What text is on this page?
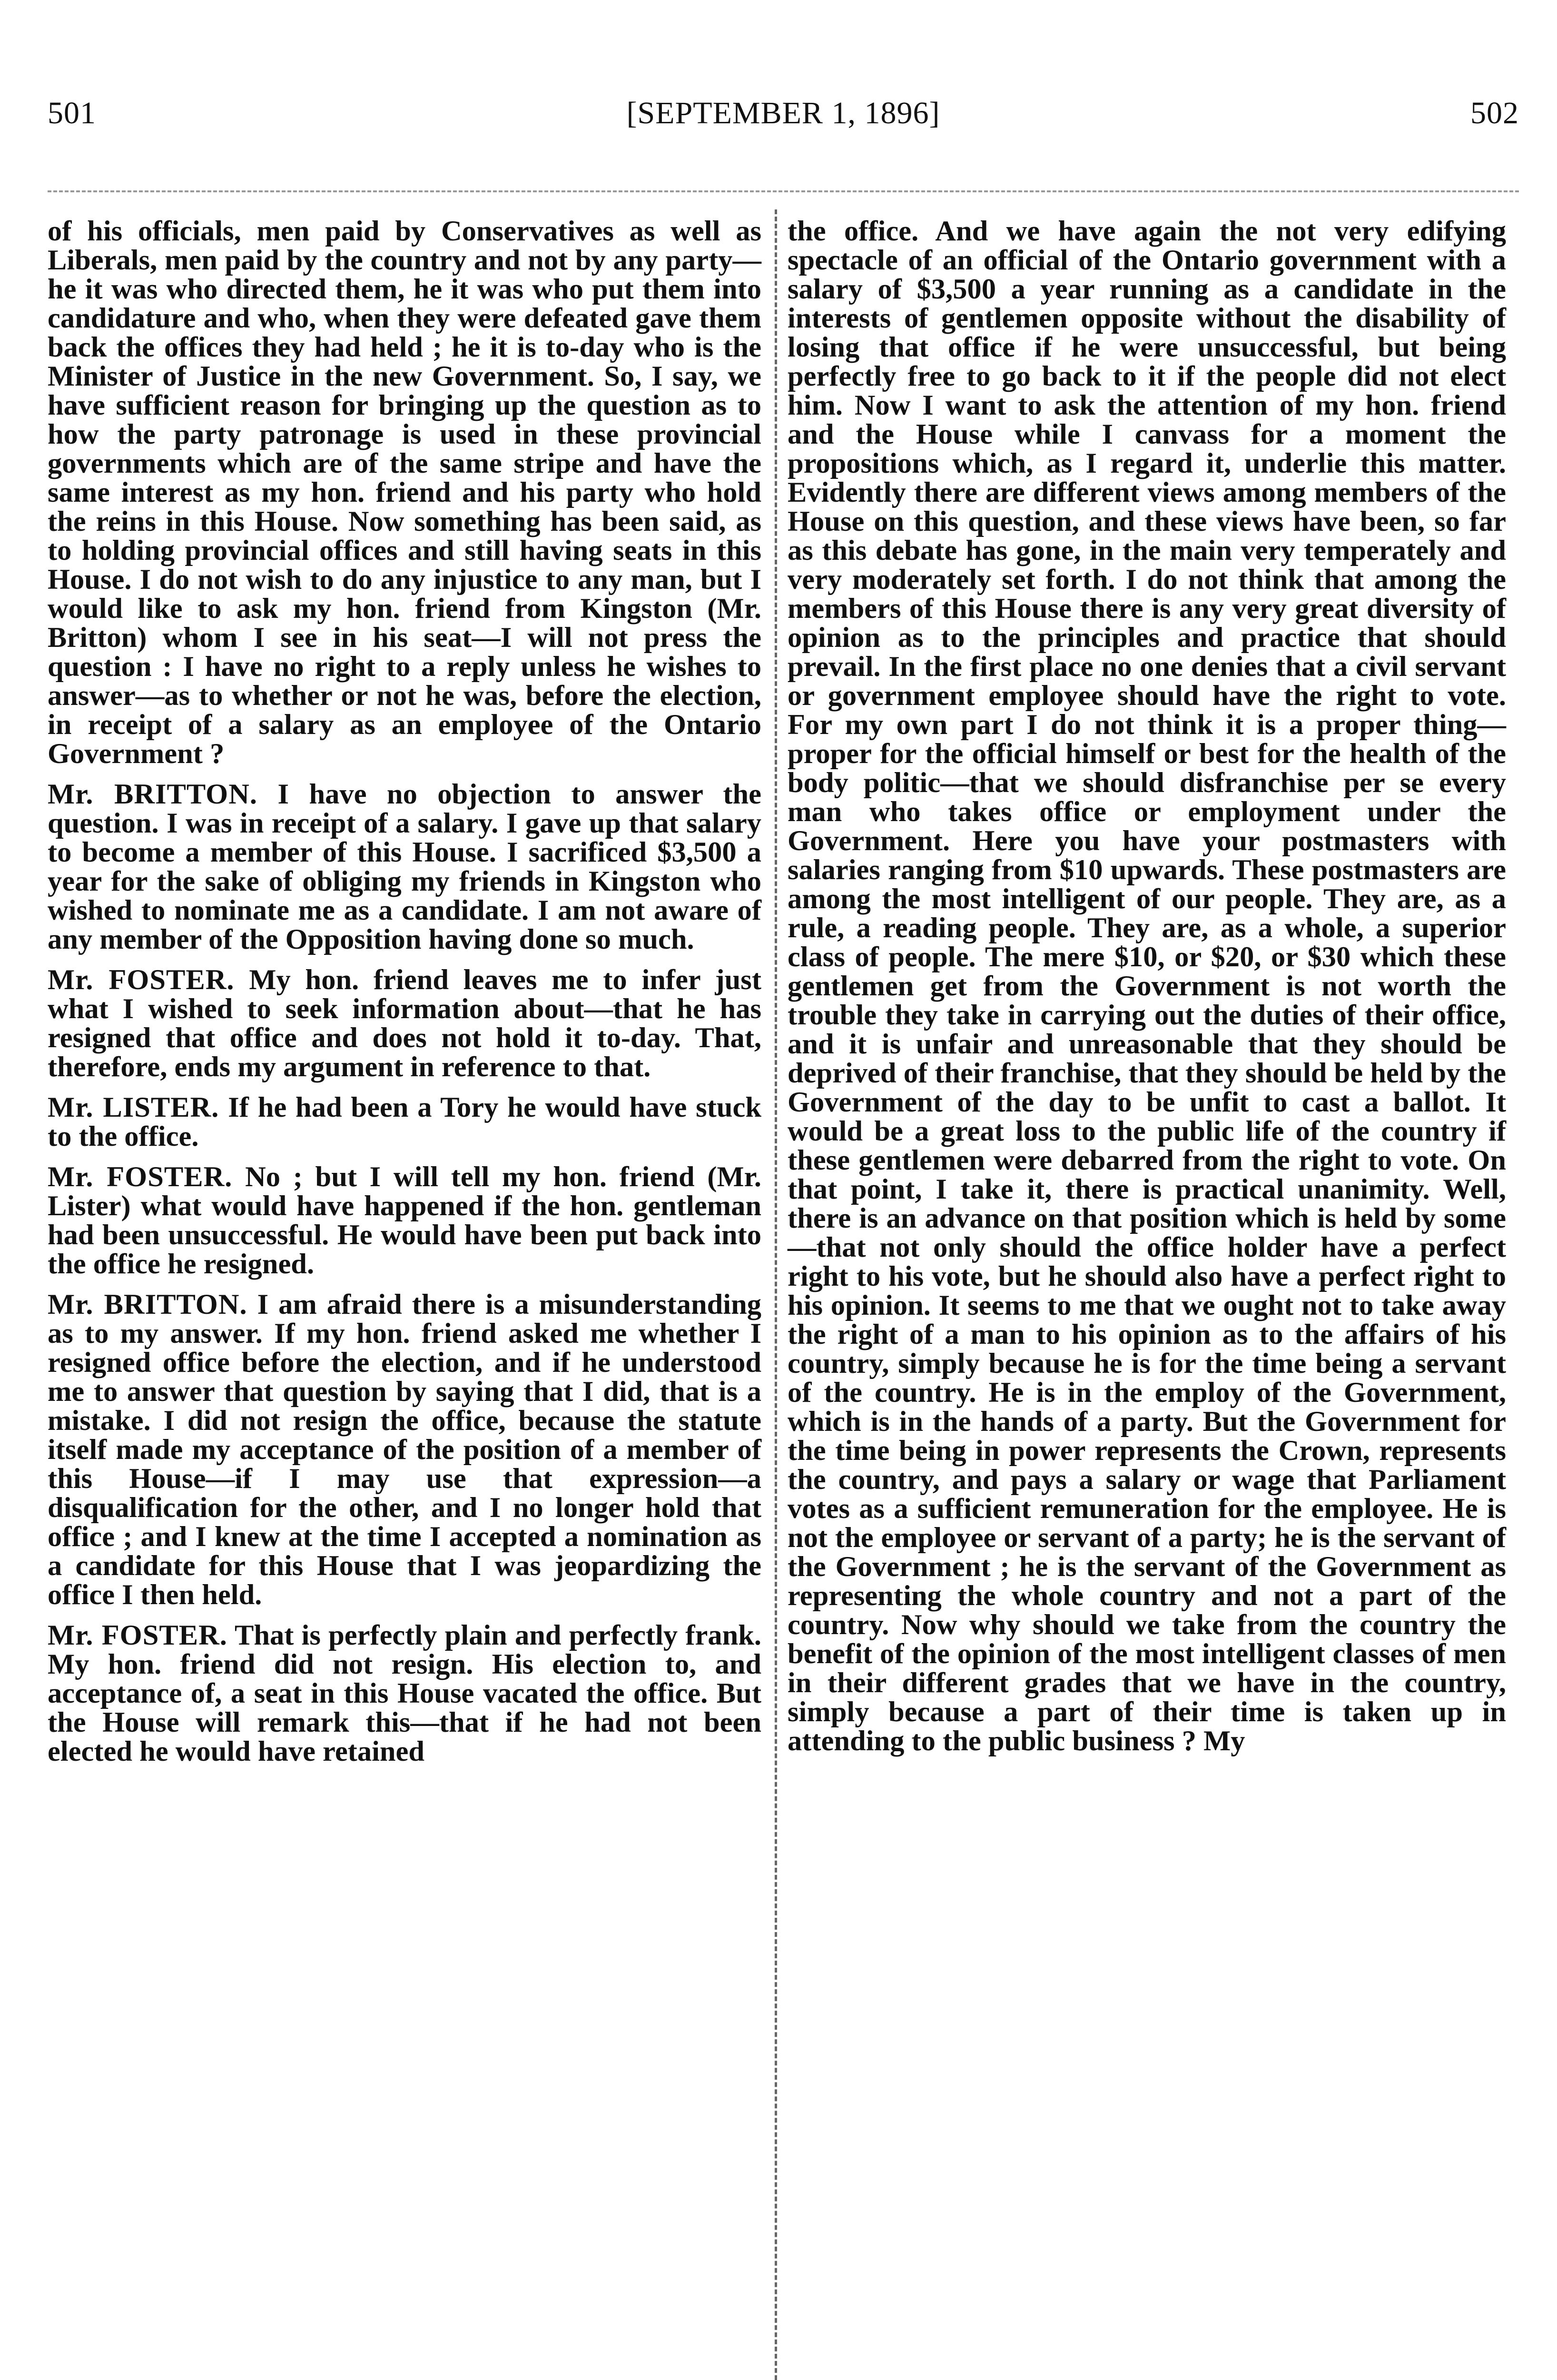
501	[SEPTEMBER 1, 1896]	502

of his officials, men paid by Conservatives as well as Liberals, men paid by the country and not by any party—he it was who directed them, he it was who put them into candidature and who, when they were defeated gave them back the offices they had held ; he it is to-day who is the Minister of Justice in the new Government. So, I say, we have sufficient reason for bringing up the question as to how the party patronage is used in these provincial governments which are of the same stripe and have the same interest as my hon. friend and his party who hold the reins in this House. Now something has been said, as to holding provincial offices and still having seats in this House. I do not wish to do any injustice to any man, but I would like to ask my hon. friend from Kingston (Mr. Britton) whom I see in his seat—I will not press the question : I have no right to a reply unless he wishes to answer—as to whether or not he was, before the election, in receipt of a salary as an employee of the Ontario Government ?

Mr. BRITTON. I have no objection to answer the question. I was in receipt of a salary. I gave up that salary to become a member of this House. I sacrificed $3,500 a year for the sake of obliging my friends in Kingston who wished to nominate me as a candidate. I am not aware of any member of the Opposition having done so much.

Mr. FOSTER. My hon. friend leaves me to infer just what I wished to seek information about—that he has resigned that office and does not hold it to-day. That, therefore, ends my argument in reference to that.

Mr. LISTER. If he had been a Tory he would have stuck to the office.

Mr. FOSTER. No ; but I will tell my hon. friend (Mr. Lister) what would have happened if the hon. gentleman had been unsuccessful. He would have been put back into the office he resigned.

Mr. BRITTON. I am afraid there is a misunderstanding as to my answer. If my hon. friend asked me whether I resigned office before the election, and if he understood me to answer that question by saying that I did, that is a mistake. I did not resign the office, because the statute itself made my acceptance of the position of a member of this House—if I may use that expression—a disqualification for the other, and I no longer hold that office ; and I knew at the time I accepted a nomination as a candidate for this House that I was jeopardizing the office I then held.

Mr. FOSTER. That is perfectly plain and perfectly frank. My hon. friend did not resign. His election to, and acceptance of, a seat in this House vacated the office. But the House will remark this—that if he had not been elected he would have retained

the office. And we have again the not very edifying spectacle of an official of the Ontario government with a salary of $3,500 a year running as a candidate in the interests of gentlemen opposite without the disability of losing that office if he were unsuccessful, but being perfectly free to go back to it if the people did not elect him. Now I want to ask the attention of my hon. friend and the House while I canvass for a moment the propositions which, as I regard it, underlie this matter. Evidently there are different views among members of the House on this question, and these views have been, so far as this debate has gone, in the main very temperately and very moderately set forth. I do not think that among the members of this House there is any very great diversity of opinion as to the principles and practice that should prevail. In the first place no one denies that a civil servant or government employee should have the right to vote. For my own part I do not think it is a proper thing—proper for the official himself or best for the health of the body politic—that we should disfranchise per se every man who takes office or employment under the Government. Here you have your postmasters with salaries ranging from $10 upwards. These postmasters are among the most intelligent of our people. They are, as a rule, a reading people. They are, as a whole, a superior class of people. The mere $10, or $20, or $30 which these gentlemen get from the Government is not worth the trouble they take in carrying out the duties of their office, and it is unfair and unreasonable that they should be deprived of their franchise, that they should be held by the Government of the day to be unfit to cast a ballot. It would be a great loss to the public life of the country if these gentlemen were debarred from the right to vote. On that point, I take it, there is practical unanimity. Well, there is an advance on that position which is held by some—that not only should the office holder have a perfect right to his vote, but he should also have a perfect right to his opinion. It seems to me that we ought not to take away the right of a man to his opinion as to the affairs of his country, simply because he is for the time being a servant of the country. He is in the employ of the Government, which is in the hands of a party. But the Government for the time being in power represents the Crown, represents the country, and pays a salary or wage that Parliament votes as a sufficient remuneration for the employee. He is not the employee or servant of a party; he is the servant of the Government ; he is the servant of the Government as representing the whole country and not a part of the country. Now why should we take from the country the benefit of the opinion of the most intelligent classes of men in their different grades that we have in the country, simply because a part of their time is taken up in attending to the public business ? My
